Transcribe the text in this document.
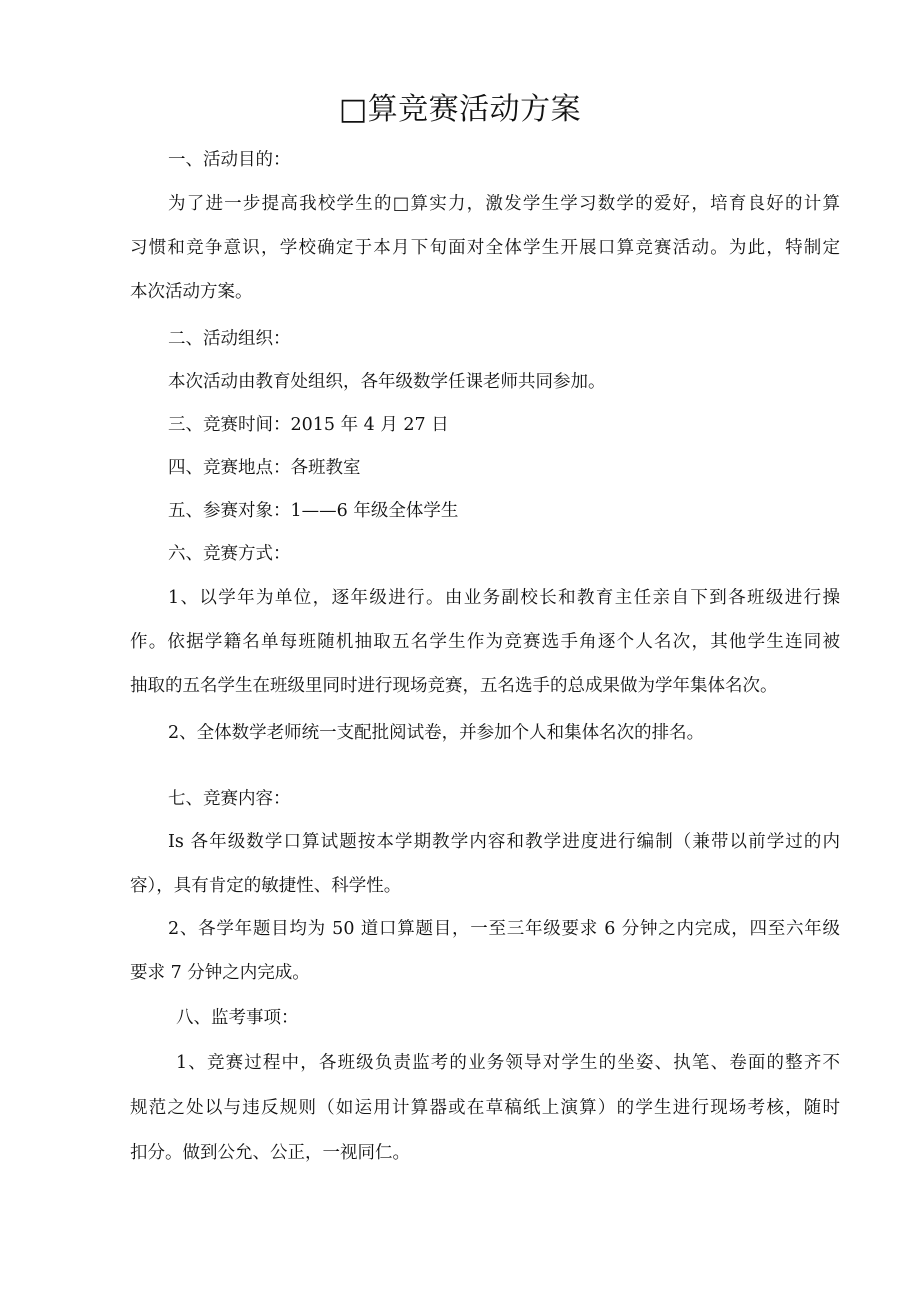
□算竞赛活动方案
一、活动目的：
为了进一步提高我校学生的□算实力，激发学生学习数学的爱好，培育良好的计算
习惯和竞争意识，学校确定于本月下旬面对全体学生开展口算竞赛活动。为此，特制定
本次活动方案。
二、活动组织：
本次活动由教育处组织，各年级数学任课老师共同参加。
三、竞赛时间：2015 年 4 月 27 日
四、竞赛地点：各班教室
五、参赛对象：1——6 年级全体学生
六、竞赛方式：
1、以学年为单位，逐年级进行。由业务副校长和教育主任亲自下到各班级进行操
作。依据学籍名单每班随机抽取五名学生作为竞赛选手角逐个人名次，其他学生连同被
抽取的五名学生在班级里同时进行现场竞赛，五名选手的总成果做为学年集体名次。
2、全体数学老师统一支配批阅试卷，并参加个人和集体名次的排名。
七、竞赛内容：
Is 各年级数学口算试题按本学期教学内容和教学进度进行编制（兼带以前学过的内
容），具有肯定的敏捷性、科学性。
2、各学年题目均为 50 道口算题目，一至三年级要求 6 分钟之内完成，四至六年级
要求 7 分钟之内完成。
八、监考事项：
1、竞赛过程中，各班级负责监考的业务领导对学生的坐姿、执笔、卷面的整齐不
规范之处以与违反规则（如运用计算器或在草稿纸上演算）的学生进行现场考核，随时
扣分。做到公允、公正，一视同仁。
